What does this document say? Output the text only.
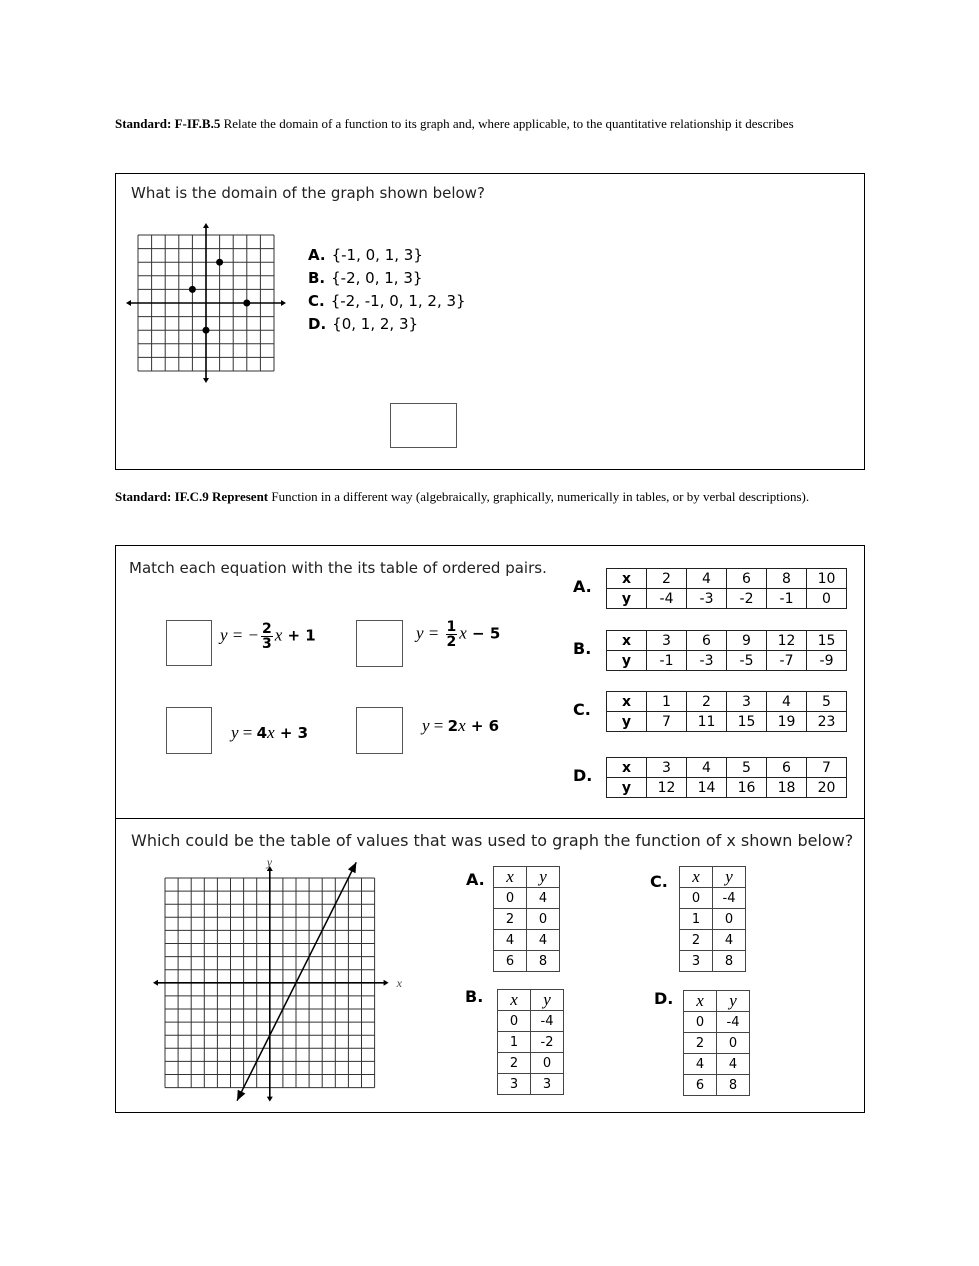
Standard: F-IF.B.5 Relate the domain of a function to its graph and, where applicable, to the quantitative relationship it describes
What is the domain of the graph shown below?
A. {-1, 0, 1, 3}
B. {-2, 0, 1, 3}
C. {-2, -1, 0, 1, 2, 3}
D. {0, 1, 2, 3}
Standard: IF.C.9 Represent Function in a different way (algebraically, graphically, numerically in tables, or by verbal descriptions).
Match each equation with the its table of ordered pairs.
y = − $\frac{2}{3}$ x + 1	$y = \frac{1}{2}$ x − 5
y = 4x + 3	y = 2x + 6
A. x	2	4	6	8	10
y	-4	-3	-2	-1	0
B. x	3	6	9	12	15
y	-1	-3	-5	-7	-9
C. x	1	2	3	4	5
y	7	11	15	19	23
D. x	3	4	5	6	7
y	12	14	16	18	20
Which could be the table of values that was used to graph the function of x shown below?
y
x
A. x	y
0	4
2	0
4	4
6	8
B. x	y
0	-4
1	-2
2	0
3	3
C. x	y
0	-4
1	0
2	4
3	8
D. x	y
0	-4
2	0
4	4
6	8
